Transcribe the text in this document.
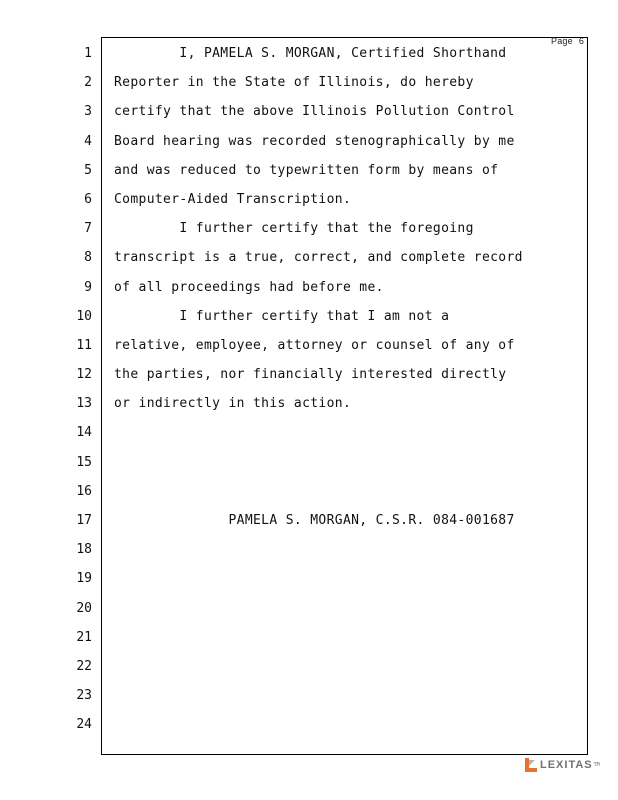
Page 6
1
2
3
4
5
6
7
8
9
10
11
12
13
14
15
16
17
18
19
20
21
22
23
24
I, PAMELA S. MORGAN, Certified Shorthand
Reporter in the State of Illinois, do hereby
certify that the above Illinois Pollution Control
Board hearing was recorded stenographically by me
and was reduced to typewritten form by means of
Computer-Aided Transcription.
I further certify that the foregoing
transcript is a true, correct, and complete record
of all proceedings had before me.
I further certify that I am not a
relative, employee, attorney or counsel of any of
the parties, nor financially interested directly
or indirectly in this action.
PAMELA S. MORGAN, C.S.R. 084-001687
LEXITAS TM
